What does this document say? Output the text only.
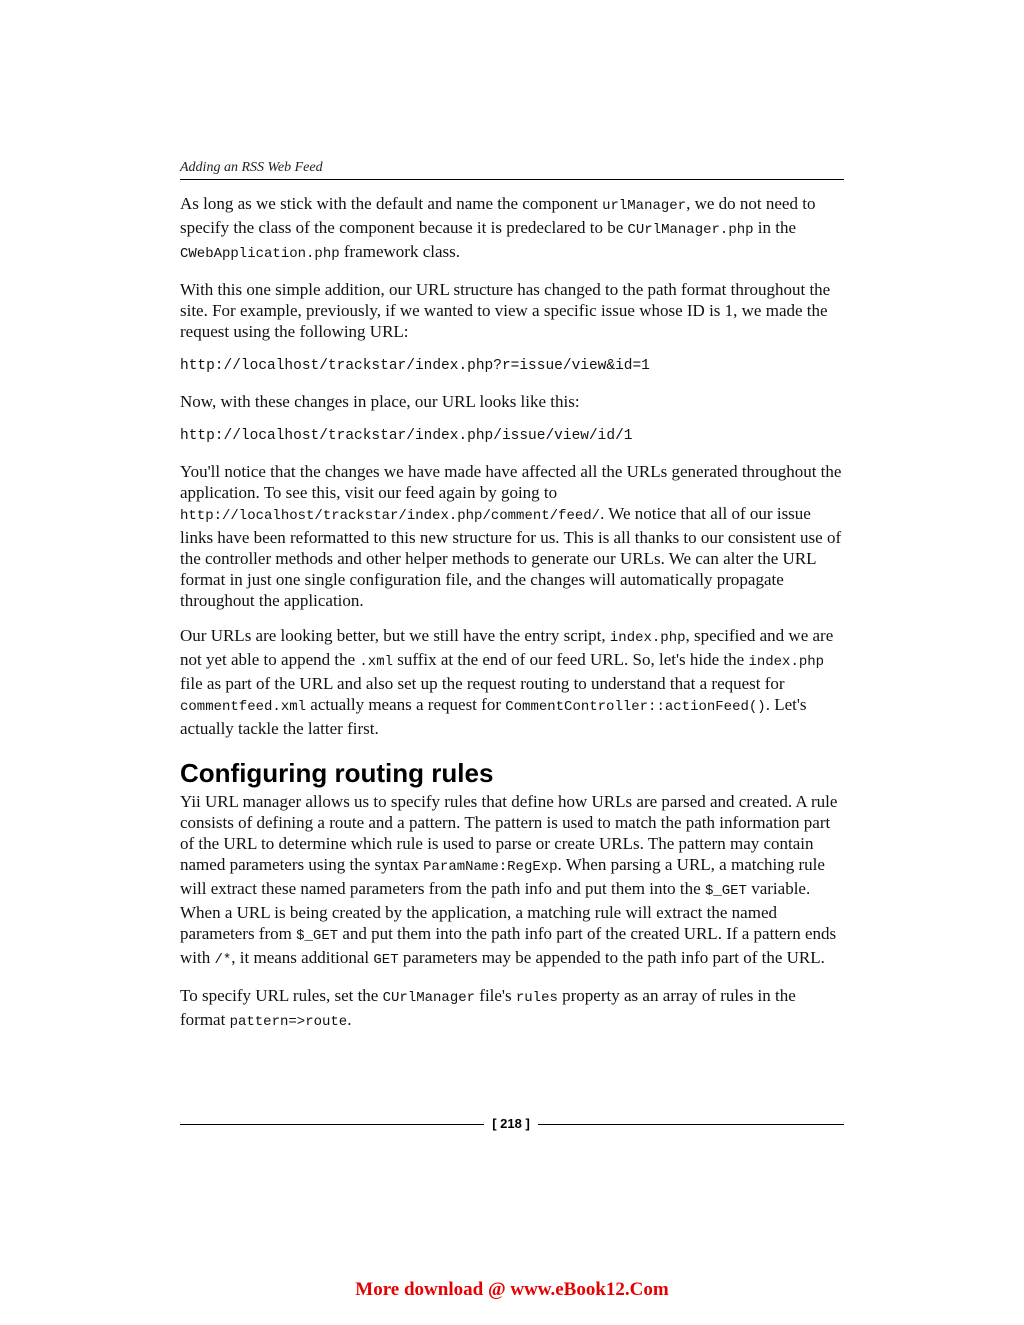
Adding an RSS Web Feed

As long as we stick with the default and name the component urlManager, we do not need to specify the class of the component because it is predeclared to be CUrlManager.php in the CWebApplication.php framework class.

With this one simple addition, our URL structure has changed to the path format throughout the site. For example, previously, if we wanted to view a specific issue whose ID is 1, we made the request using the following URL:

http://localhost/trackstar/index.php?r=issue/view&id=1

Now, with these changes in place, our URL looks like this:

http://localhost/trackstar/index.php/issue/view/id/1

You'll notice that the changes we have made have affected all the URLs generated throughout the application. To see this, visit our feed again by going to http://localhost/trackstar/index.php/comment/feed/. We notice that all of our issue links have been reformatted to this new structure for us. This is all thanks to our consistent use of the controller methods and other helper methods to generate our URLs. We can alter the URL format in just one single configuration file, and the changes will automatically propagate throughout the application.

Our URLs are looking better, but we still have the entry script, index.php, specified and we are not yet able to append the .xml suffix at the end of our feed URL. So, let's hide the index.php file as part of the URL and also set up the request routing to understand that a request for commentfeed.xml actually means a request for CommentController::actionFeed(). Let's actually tackle the latter first.

Configuring routing rules

Yii URL manager allows us to specify rules that define how URLs are parsed and created. A rule consists of defining a route and a pattern. The pattern is used to match the path information part of the URL to determine which rule is used to parse or create URLs. The pattern may contain named parameters using the syntax ParamName:RegExp. When parsing a URL, a matching rule will extract these named parameters from the path info and put them into the $_GET variable. When a URL is being created by the application, a matching rule will extract the named parameters from $_GET and put them into the path info part of the created URL. If a pattern ends with /*, it means additional GET parameters may be appended to the path info part of the URL.

To specify URL rules, set the CUrlManager file's rules property as an array of rules in the format pattern=>route.

[ 218 ]
More download @ www.eBook12.Com
